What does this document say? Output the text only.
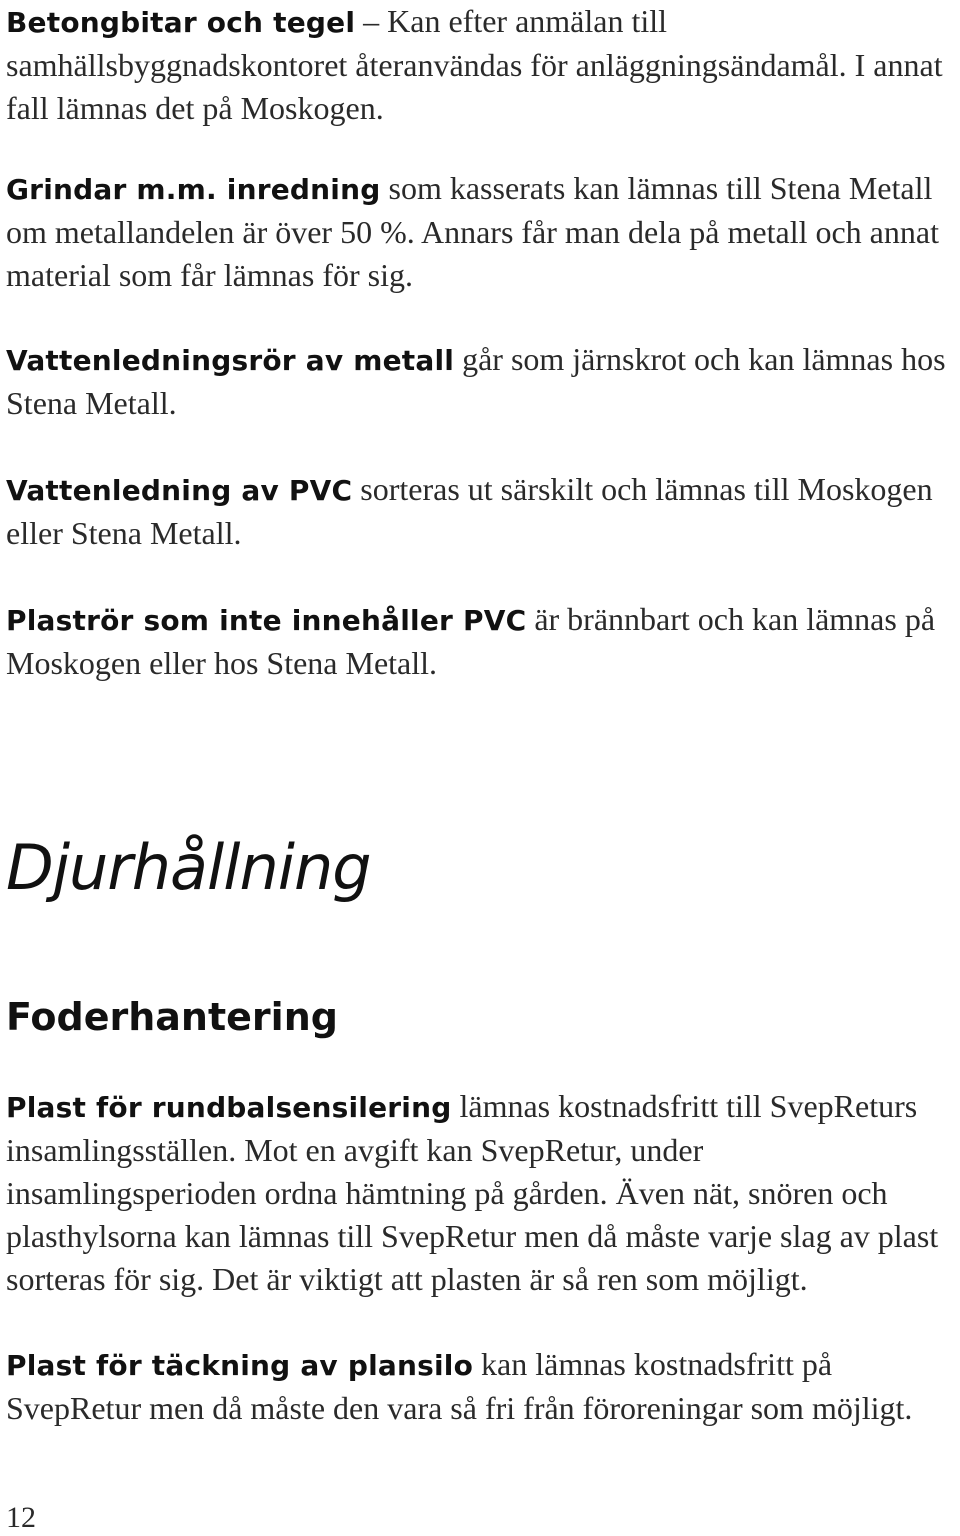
Betongbitar och tegel – Kan efter anmälan till samhällsbyggnadskontoret återanvändas för anläggningsändamål. I annat fall lämnas det på Moskogen.

Grindar m.m. inredning som kasserats kan lämnas till Stena Metall om metallandelen är över 50 %. Annars får man dela på metall och annat material som får lämnas för sig.

Vattenledningsrör av metall går som järnskrot och kan lämnas hos Stena Metall.

Vattenledning av PVC sorteras ut särskilt och lämnas till Moskogen eller Stena Metall.

Plaströr som inte innehåller PVC är brännbart och kan lämnas på Moskogen eller hos Stena Metall.

Djurhållning
Foderhantering

Plast för rundbalsensilering lämnas kostnadsfritt till SvepReturs insamlingsställen. Mot en avgift kan SvepRetur, under insamlingsperioden ordna hämtning på gården. Även nät, snören och plasthylsorna kan lämnas till SvepRetur men då måste varje slag av plast sorteras för sig. Det är viktigt att plasten är så ren som möjligt.

Plast för täckning av plansilo kan lämnas kostnadsfritt på SvepRetur men då måste den vara så fri från föroreningar som möjligt.

12
